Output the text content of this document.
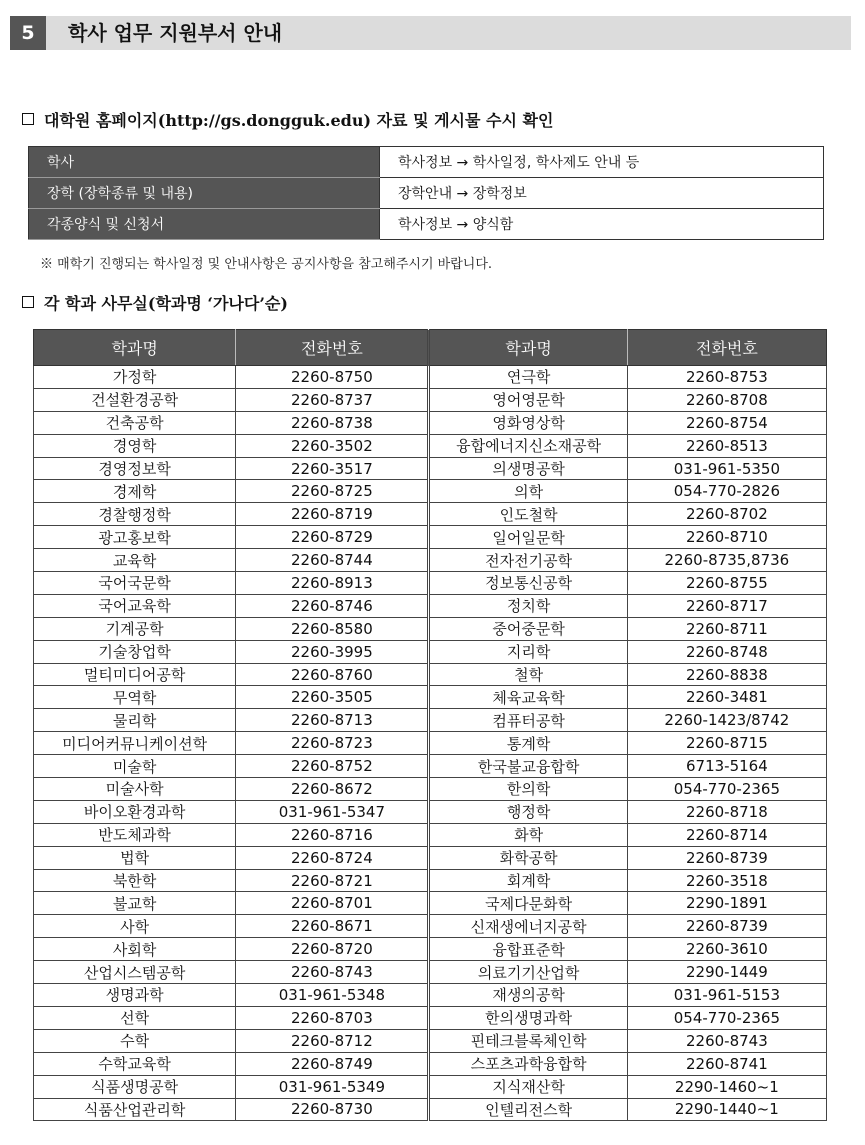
5	학사 업무 지원부서 안내
대학원 홈페이지(http://gs.dongguk.edu) 자료 및 게시물 수시 확인
학사	학사정보 → 학사일정, 학사제도 안내 등
장학 (장학종류 및 내용)	장학안내 → 장학정보
각종양식 및 신청서	학사정보 → 양식함
※ 매학기 진행되는 학사일정 및 안내사항은 공지사항을 참고해주시기 바랍니다.
각 학과 사무실(학과명 ‘가나다’순)
학과명	전화번호	학과명	전화번호
가정학	2260-8750	연극학	2260-8753
건설환경공학	2260-8737	영어영문학	2260-8708
건축공학	2260-8738	영화영상학	2260-8754
경영학	2260-3502	융합에너지신소재공학	2260-8513
경영정보학	2260-3517	의생명공학	031-961-5350
경제학	2260-8725	의학	054-770-2826
경찰행정학	2260-8719	인도철학	2260-8702
광고홍보학	2260-8729	일어일문학	2260-8710
교육학	2260-8744	전자전기공학	2260-8735,8736
국어국문학	2260-8913	정보통신공학	2260-8755
국어교육학	2260-8746	정치학	2260-8717
기계공학	2260-8580	중어중문학	2260-8711
기술창업학	2260-3995	지리학	2260-8748
멀티미디어공학	2260-8760	철학	2260-8838
무역학	2260-3505	체육교육학	2260-3481
물리학	2260-8713	컴퓨터공학	2260-1423/8742
미디어커뮤니케이션학	2260-8723	통계학	2260-8715
미술학	2260-8752	한국불교융합학	6713-5164
미술사학	2260-8672	한의학	054-770-2365
바이오환경과학	031-961-5347	행정학	2260-8718
반도체과학	2260-8716	화학	2260-8714
법학	2260-8724	화학공학	2260-8739
북한학	2260-8721	회계학	2260-3518
불교학	2260-8701	국제다문화학	2290-1891
사학	2260-8671	신재생에너지공학	2260-8739
사회학	2260-8720	융합표준학	2260-3610
산업시스템공학	2260-8743	의료기기산업학	2290-1449
생명과학	031-961-5348	재생의공학	031-961-5153
선학	2260-8703	한의생명과학	054-770-2365
수학	2260-8712	핀테크블록체인학	2260-8743
수학교육학	2260-8749	스포츠과학융합학	2260-8741
식품생명공학	031-961-5349	지식재산학	2290-1460~1
식품산업관리학	2260-8730	인텔리전스학	2290-1440~1
